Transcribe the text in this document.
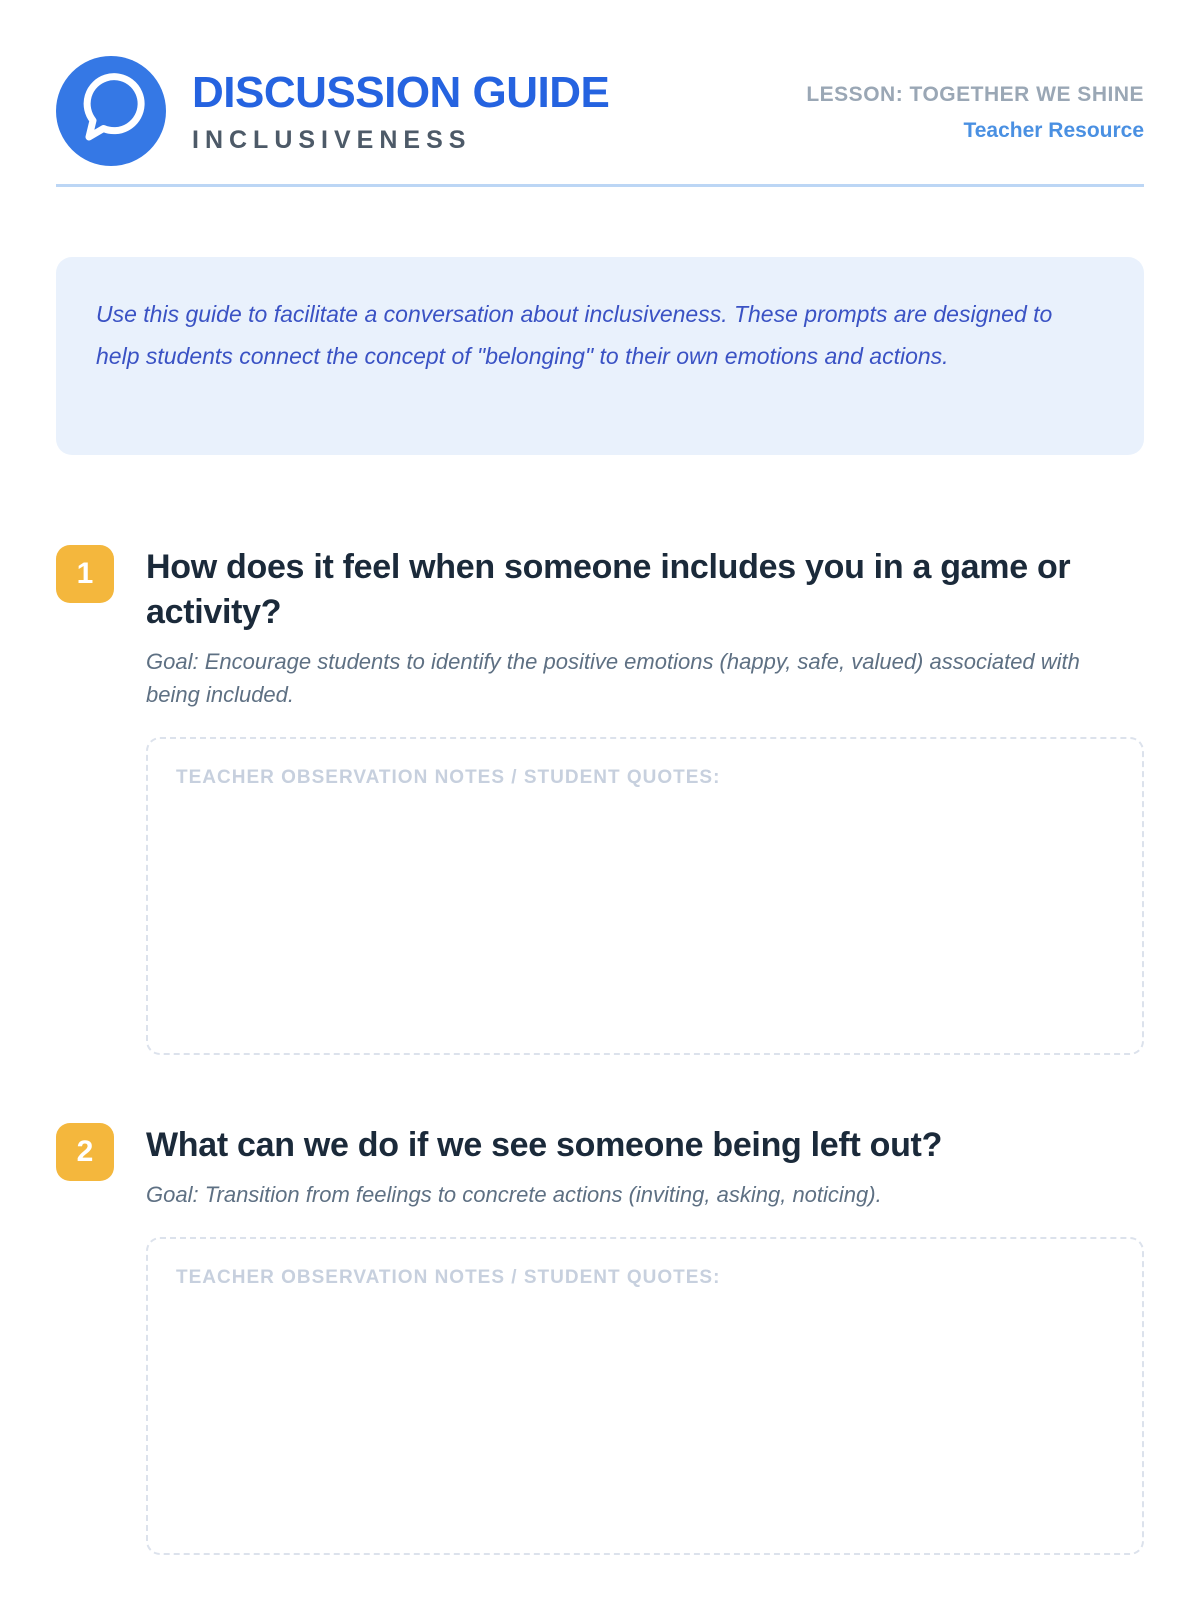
DISCUSSION GUIDE
INCLUSIVENESS
LESSON: TOGETHER WE SHINE
Teacher Resource
Use this guide to facilitate a conversation about inclusiveness. These prompts are designed to help students connect the concept of "belonging" to their own emotions and actions.
1	How does it feel when someone includes you in a game or activity?
Goal: Encourage students to identify the positive emotions (happy, safe, valued) associated with being included.
TEACHER OBSERVATION NOTES / STUDENT QUOTES:
2	What can we do if we see someone being left out?
Goal: Transition from feelings to concrete actions (inviting, asking, noticing).
TEACHER OBSERVATION NOTES / STUDENT QUOTES:
